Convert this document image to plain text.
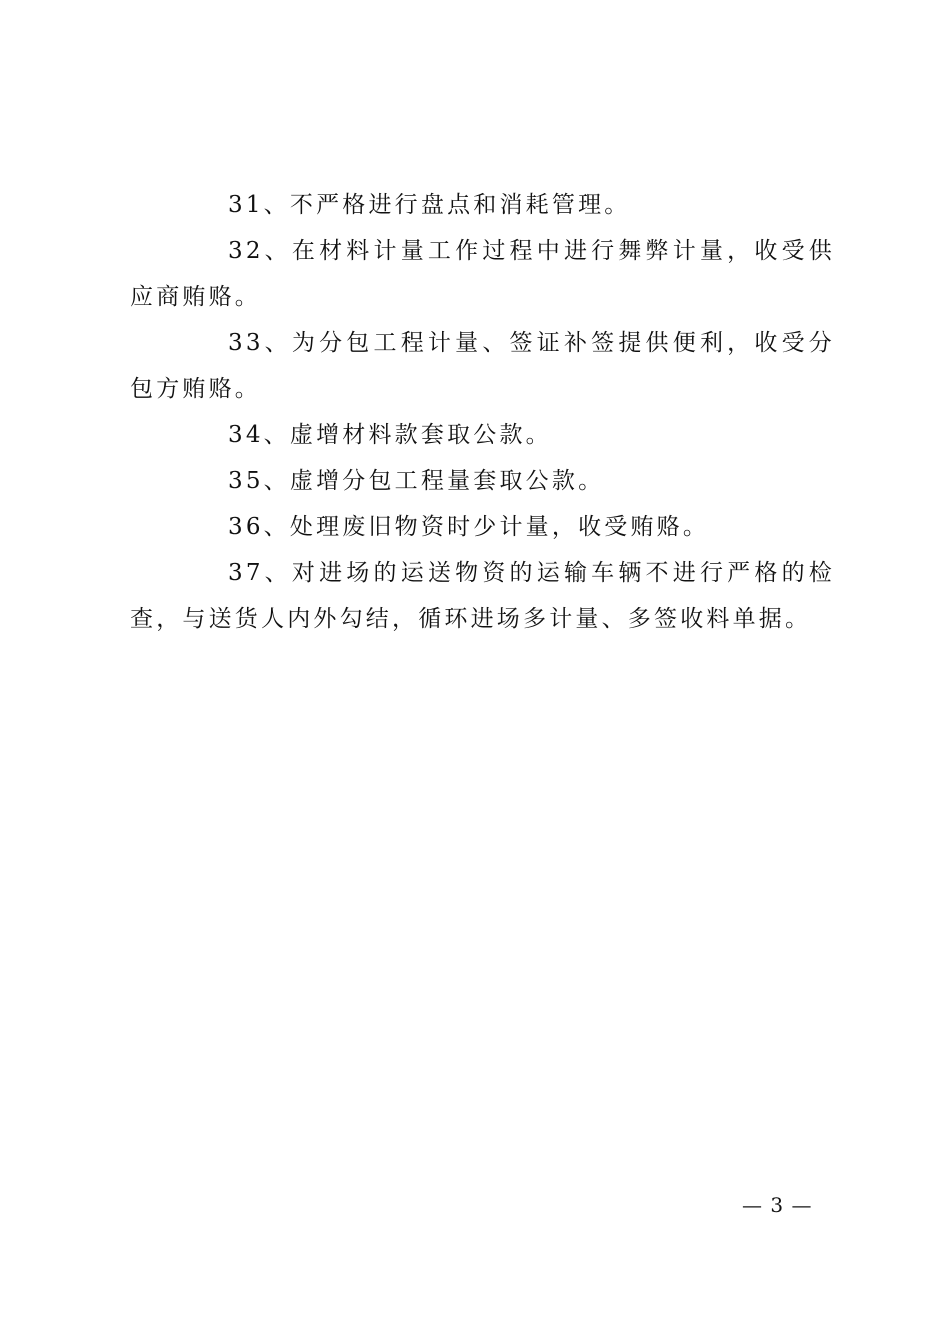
31、不严格进行盘点和消耗管理。

32、在材料计量工作过程中进行舞弊计量，收受供应商贿赂。

33、为分包工程计量、签证补签提供便利，收受分包方贿赂。

34、虚增材料款套取公款。

35、虚增分包工程量套取公款。

36、处理废旧物资时少计量，收受贿赂。

37、对进场的运送物资的运输车辆不进行严格的检查，与送货人内外勾结，循环进场多计量、多签收料单据。

— 3 —
